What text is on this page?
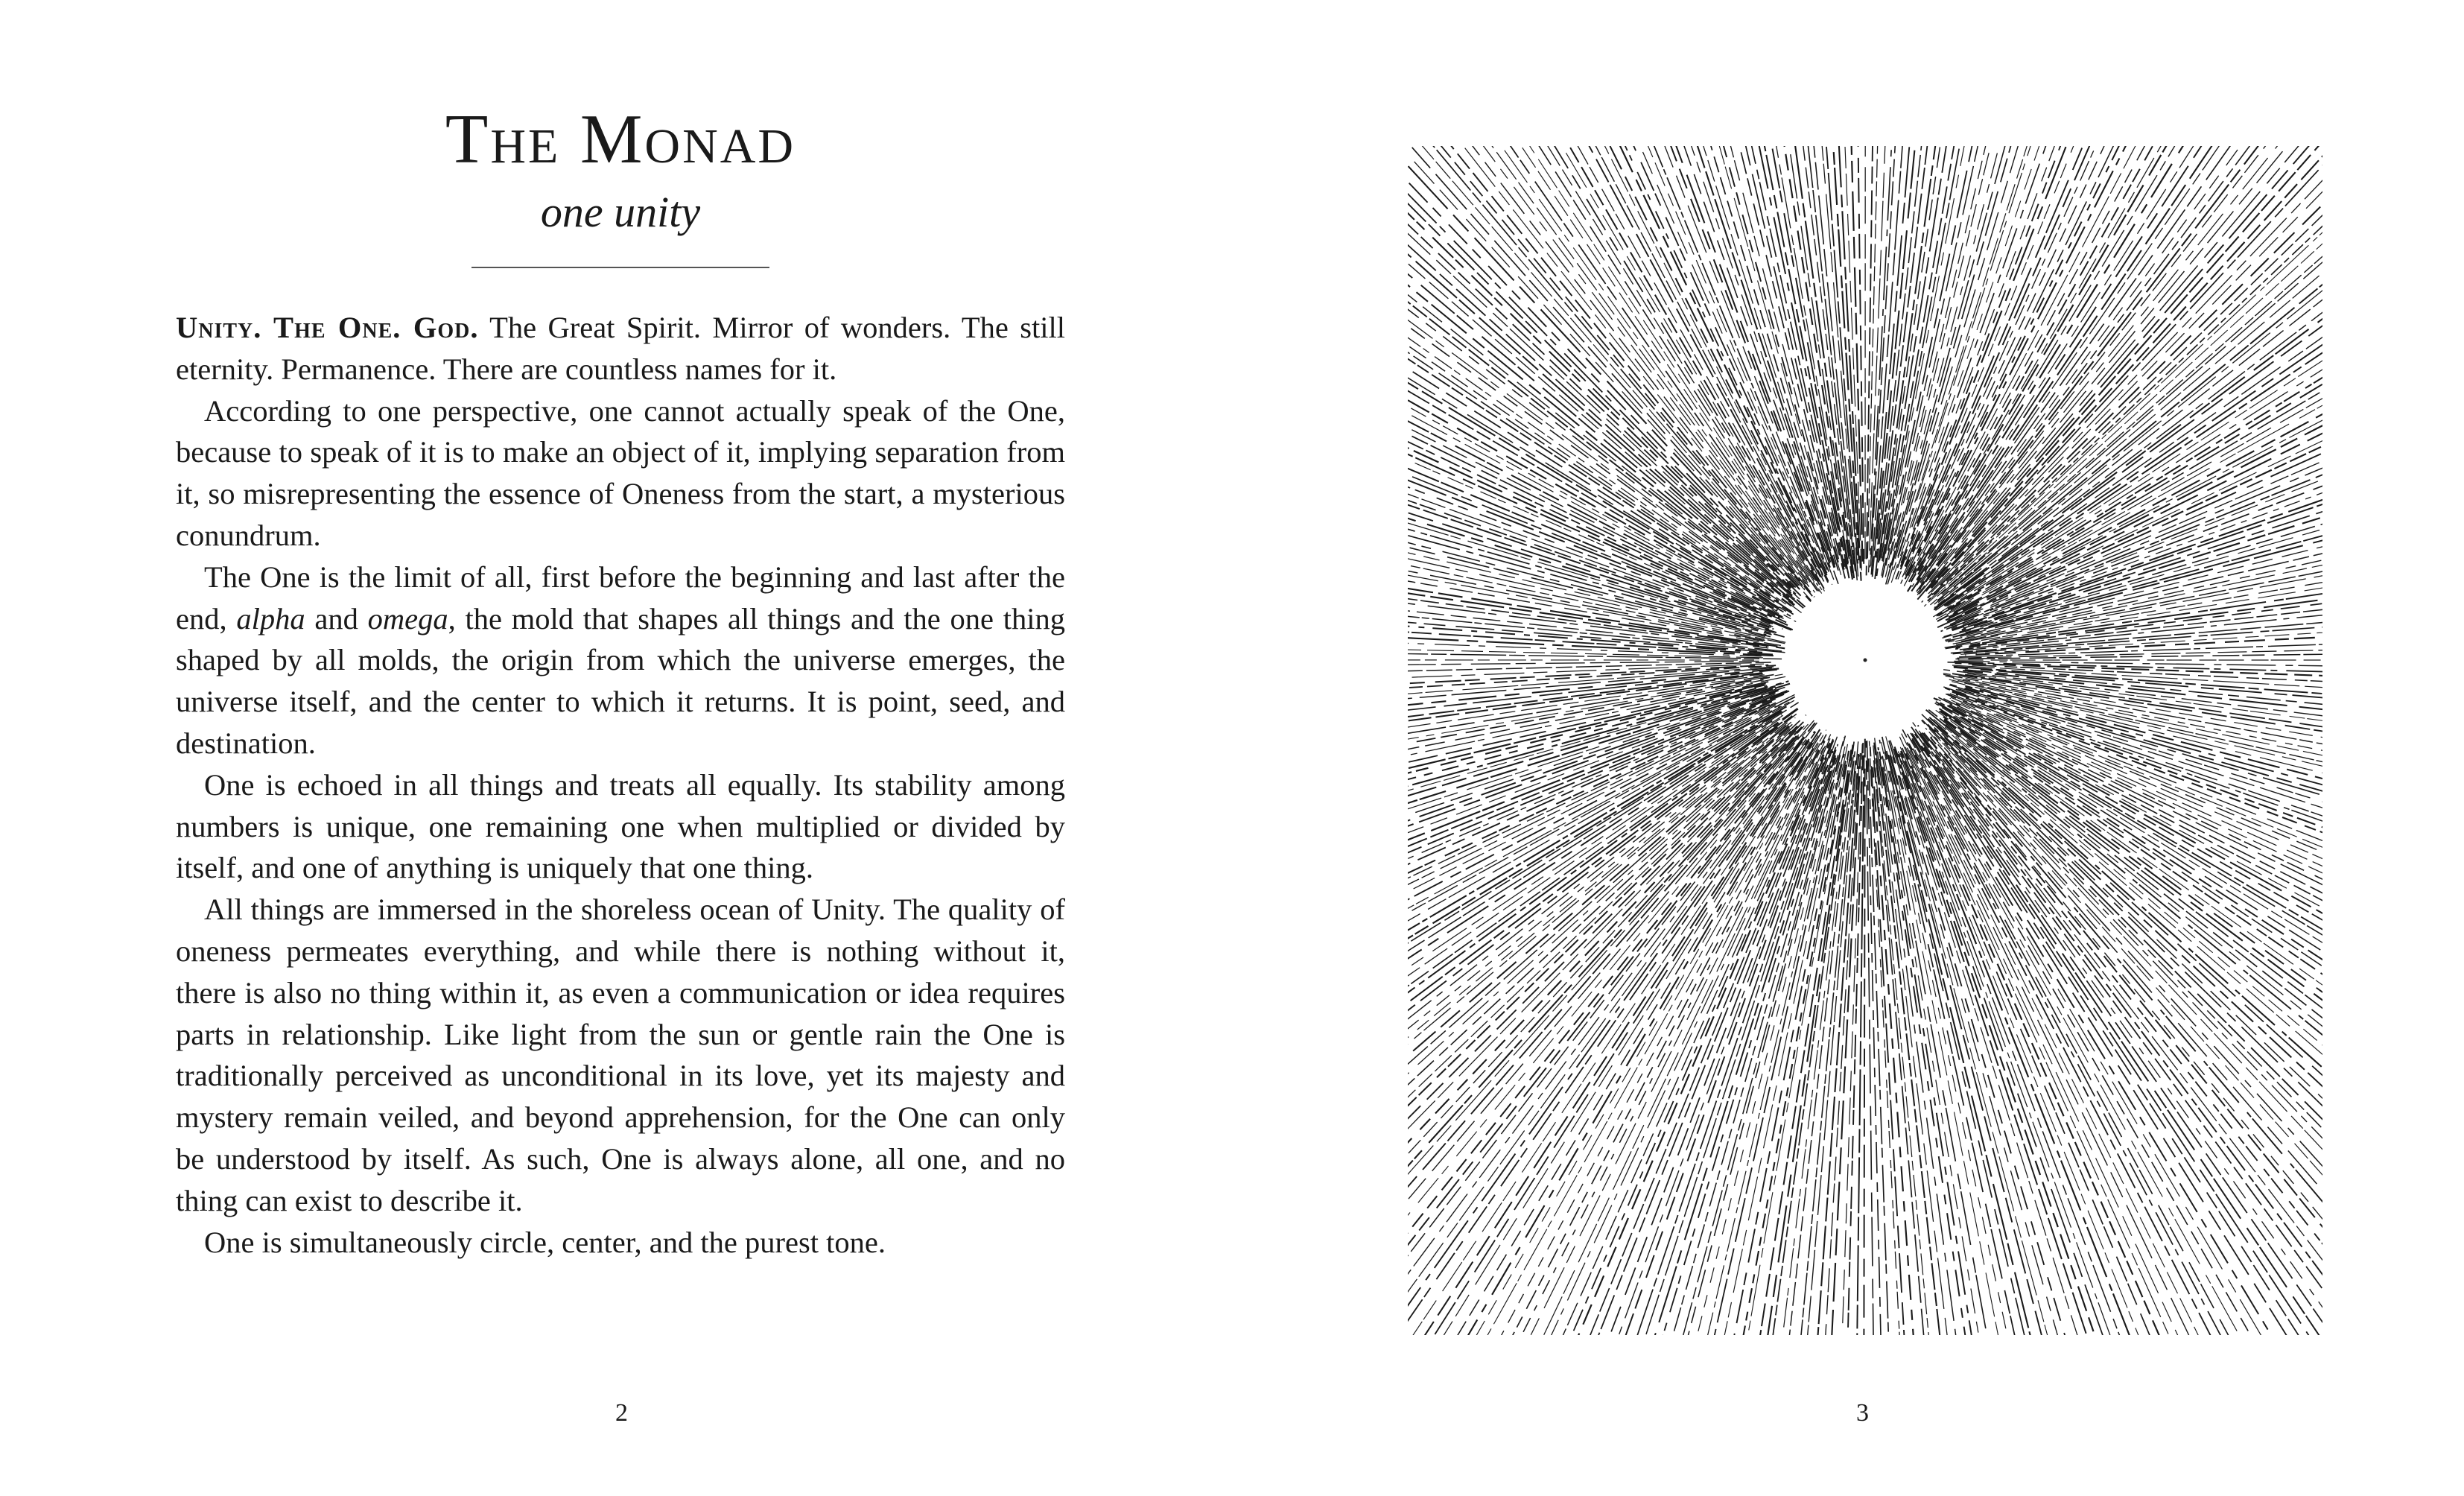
The Monad
one unity

Unity. The One. God. The Great Spirit. Mirror of wonders. The still eternity. Permanence. There are countless names for it.

According to one perspective, one cannot actually speak of the One, because to speak of it is to make an object of it, implying separation from it, so misrepresenting the essence of Oneness from the start, a mysterious conundrum.

The One is the limit of all, first before the beginning and last after the end, alpha and omega, the mold that shapes all things and the one thing shaped by all molds, the origin from which the universe emerges, the universe itself, and the center to which it returns. It is point, seed, and destination.

One is echoed in all things and treats all equally. Its stability among numbers is unique, one remaining one when multiplied or divided by itself, and one of anything is uniquely that one thing.

All things are immersed in the shoreless ocean of Unity. The quality of oneness permeates everything, and while there is nothing without it, there is also no thing within it, as even a communication or idea requires parts in relationship. Like light from the sun or gentle rain the One is traditionally perceived as unconditional in its love, yet its majesty and mystery remain veiled, and beyond apprehension, for the One can only be understood by itself. As such, One is always alone, all one, and no thing can exist to describe it.

One is simultaneously circle, center, and the purest tone.

2	3
